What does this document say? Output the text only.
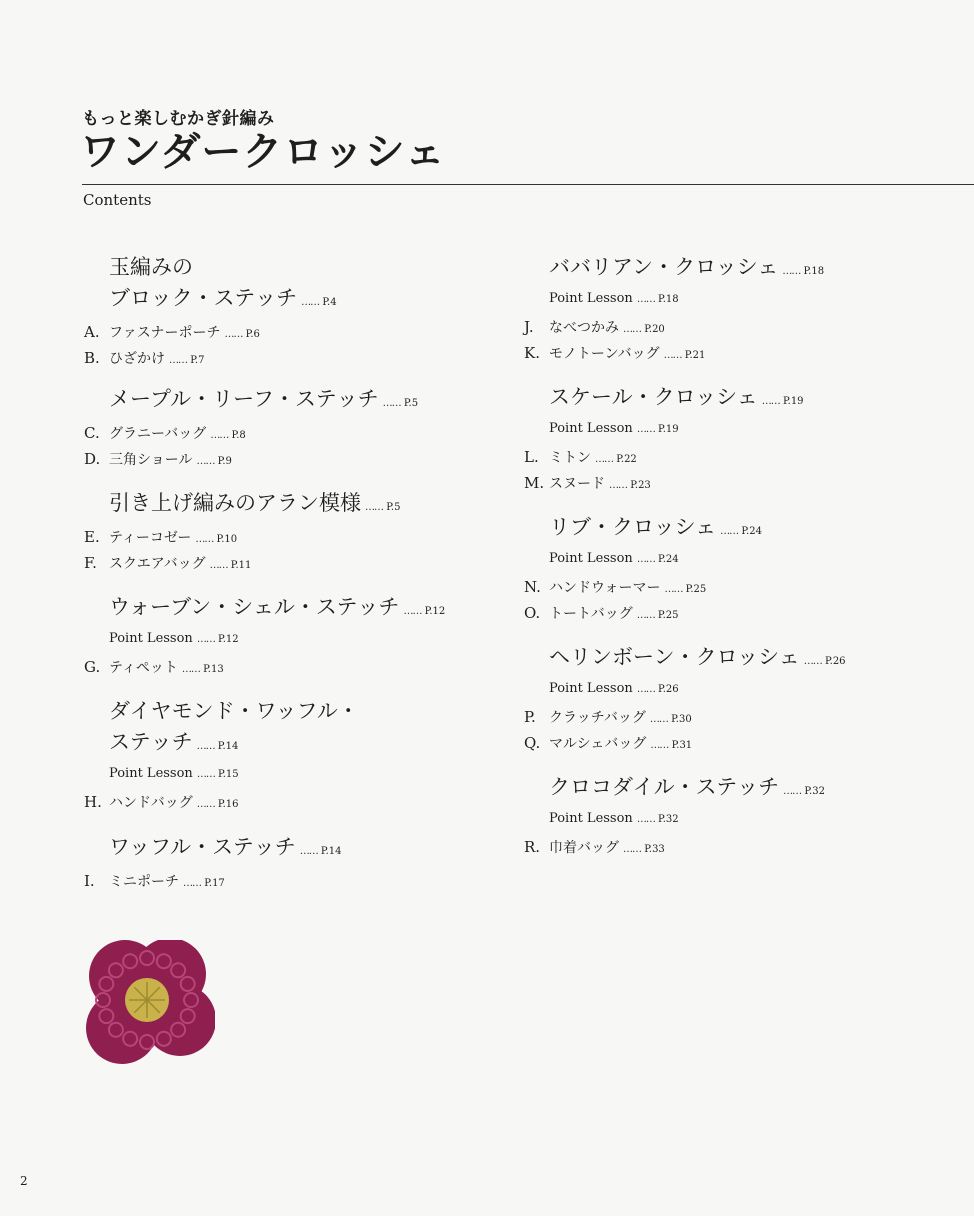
もっと楽しむかぎ針編み
ワンダークロッシェ
Contents
玉編みの
ブロック・ステッチ …… P.4
A. ファスナーポーチ …… P.6
B. ひざかけ …… P.7
メープル・リーフ・ステッチ …… P.5
C. グラニーバッグ …… P.8
D. 三角ショール …… P.9
引き上げ編みのアラン模様 …… P.5
E. ティーコゼー …… P.10
F. スクエアバッグ …… P.11
ウォーブン・シェル・ステッチ …… P.12
Point Lesson …… P.12
G. ティペット …… P.13
ダイヤモンド・ワッフル・
ステッチ …… P.14
Point Lesson …… P.15
H. ハンドバッグ …… P.16
ワッフル・ステッチ …… P.14
I.	ミニポーチ …… P.17
ババリアン・クロッシェ …… P.18
Point Lesson …… P.18
J.	なべつかみ …… P.20
K. モノトーンバッグ …… P.21
スケール・クロッシェ …… P.19
Point Lesson …… P.19
L. ミトン …… P.22
M. スヌード …… P.23
リブ・クロッシェ …… P.24
Point Lesson …… P.24
N. ハンドウォーマー …… P.25
O. トートバッグ …… P.25
ヘリンボーン・クロッシェ …… P.26
Point Lesson …… P.26
P. クラッチバッグ …… P.30
Q. マルシェバッグ …… P.31
クロコダイル・ステッチ …… P.32
Point Lesson …… P.32
R. 巾着バッグ …… P.33
2
